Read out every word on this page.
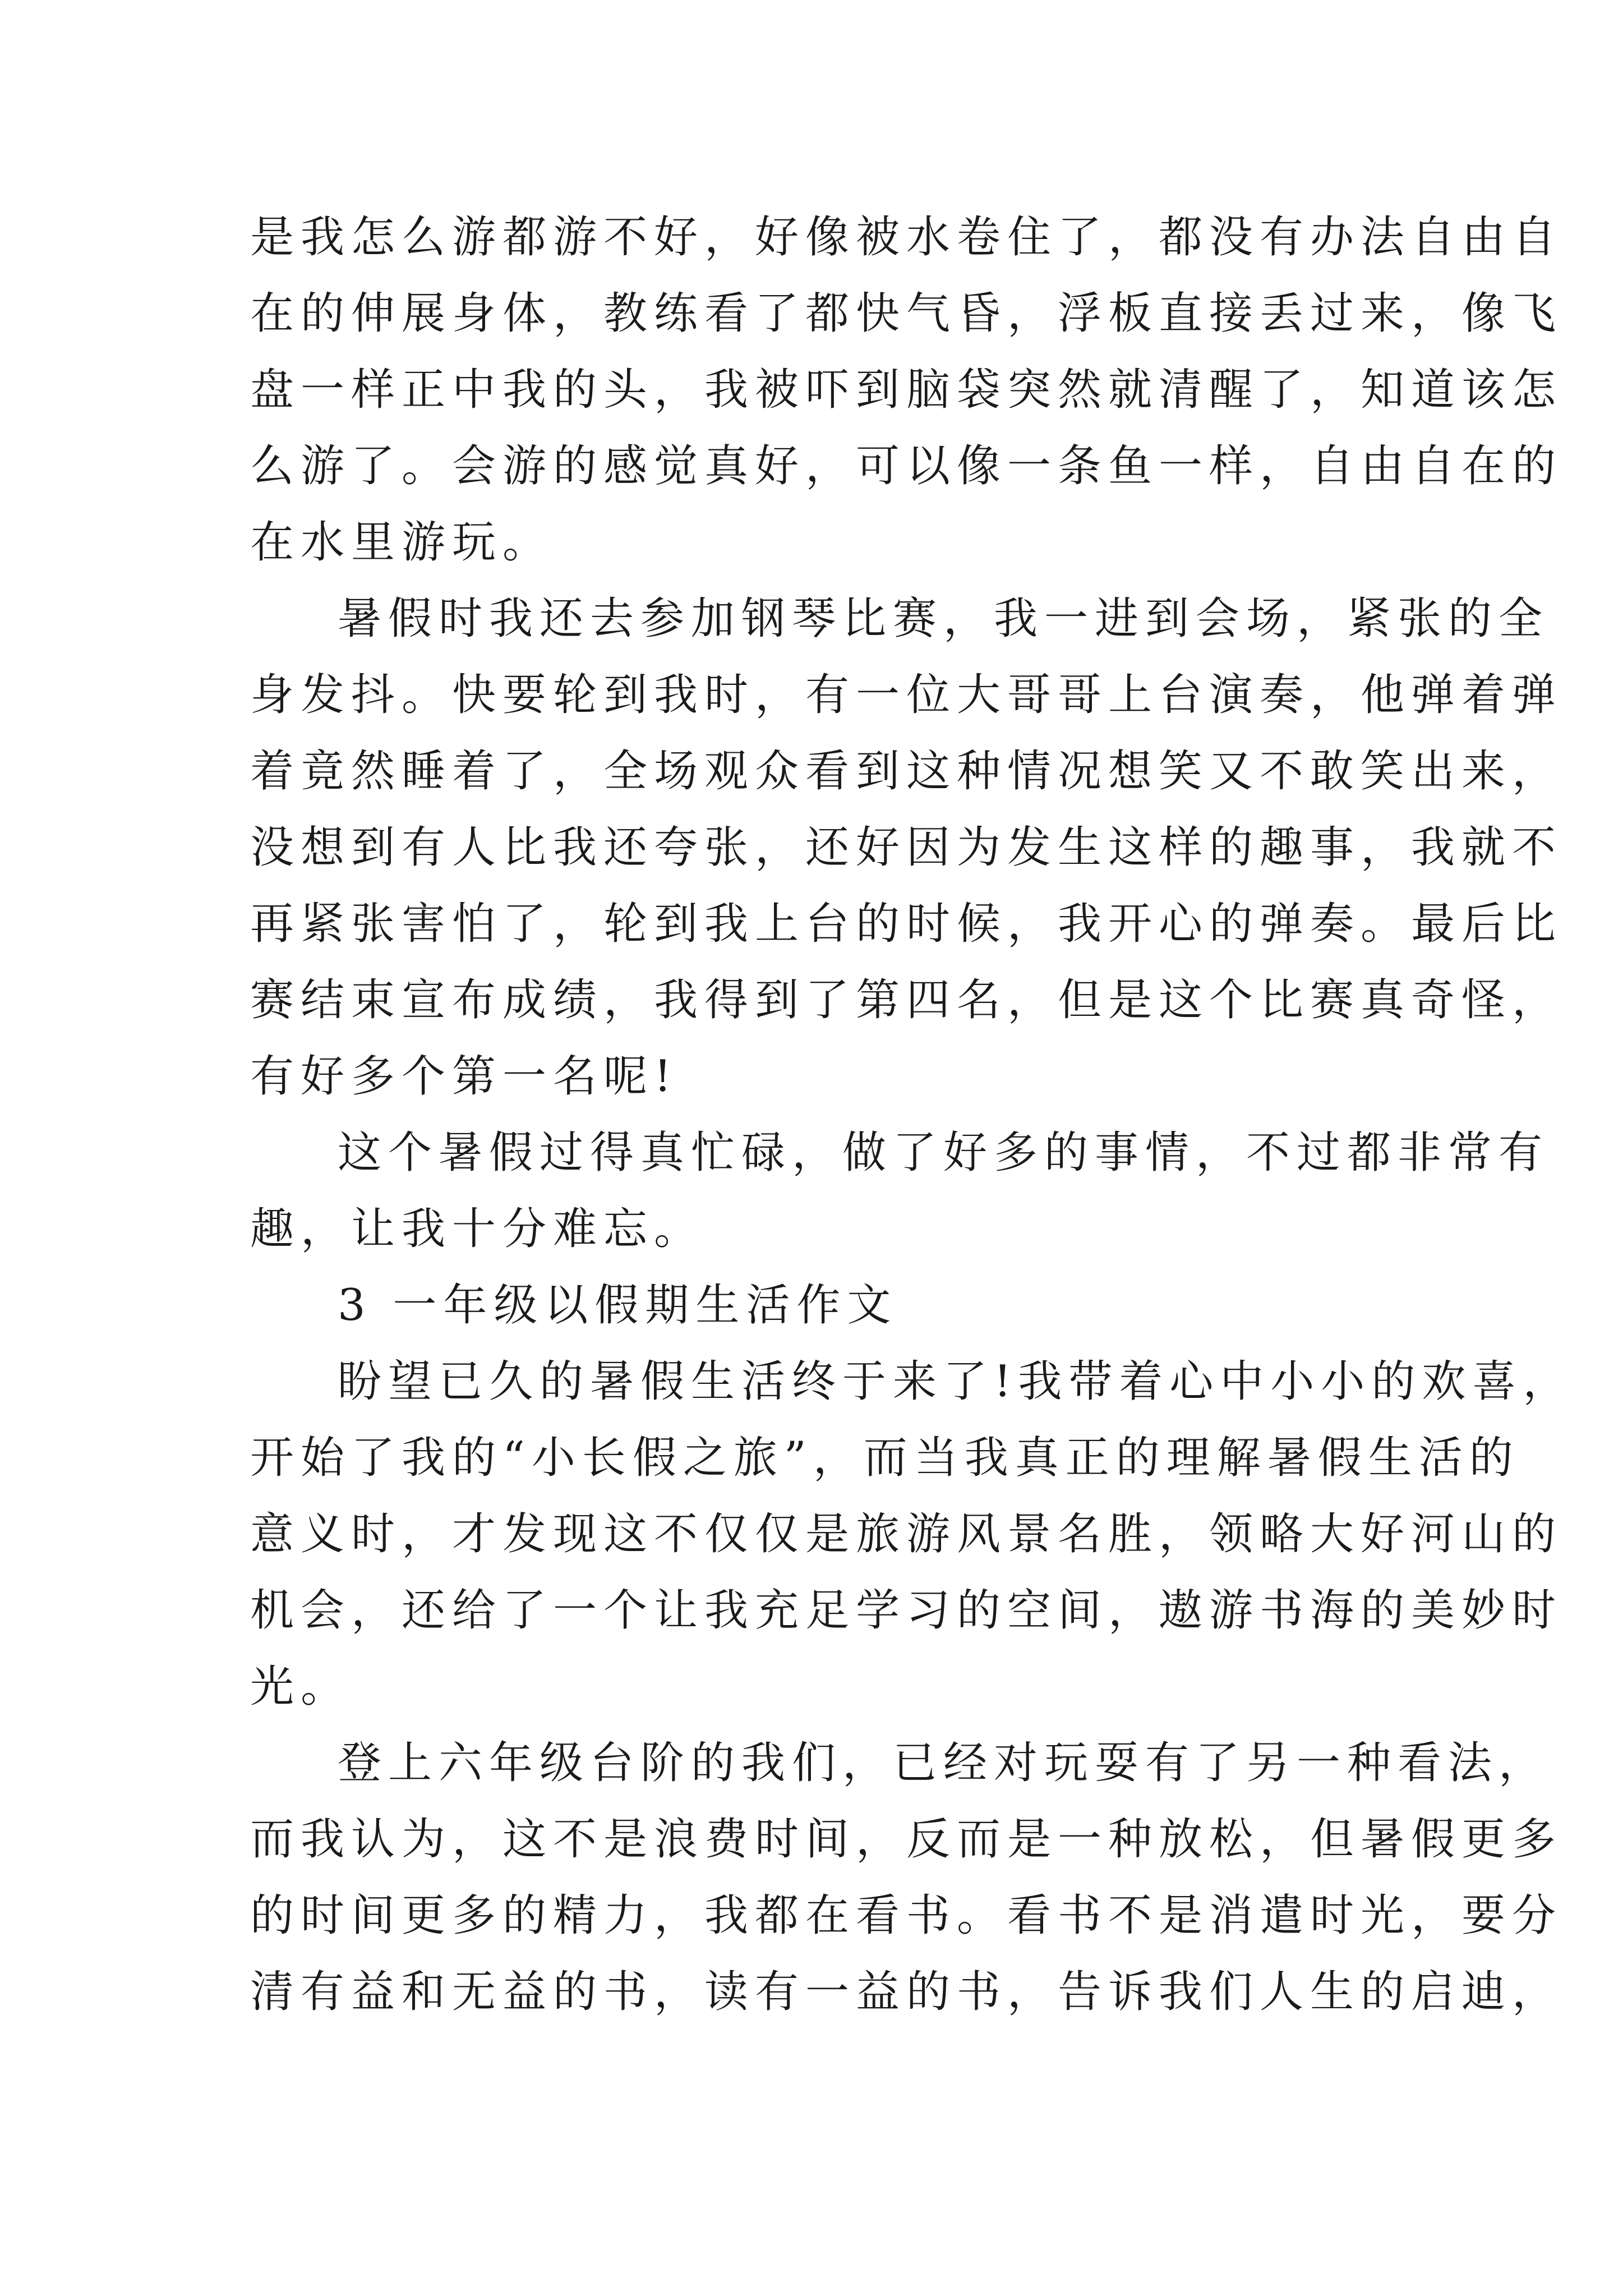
是我怎么游都游不好，好像被水卷住了，都没有办法自由自
在的伸展身体，教练看了都快气昏，浮板直接丢过来，像飞
盘一样正中我的头，我被吓到脑袋突然就清醒了，知道该怎
么游了。会游的感觉真好，可以像一条鱼一样，自由自在的
在水里游玩。
暑假时我还去参加钢琴比赛，我一进到会场，紧张的全
身发抖。快要轮到我时，有一位大哥哥上台演奏，他弹着弹
着竟然睡着了，全场观众看到这种情况想笑又不敢笑出来，
没想到有人比我还夸张，还好因为发生这样的趣事，我就不
再紧张害怕了，轮到我上台的时候，我开心的弹奏。最后比
赛结束宣布成绩，我得到了第四名，但是这个比赛真奇怪，
有好多个第一名呢!
这个暑假过得真忙碌，做了好多的事情，不过都非常有
趣，让我十分难忘。
3 一年级以假期生活作文
盼望已久的暑假生活终于来了!我带着心中小小的欢喜，
开始了我的“小长假之旅”，而当我真正的理解暑假生活的
意义时，才发现这不仅仅是旅游风景名胜，领略大好河山的
机会，还给了一个让我充足学习的空间，遨游书海的美妙时
光。
登上六年级台阶的我们，已经对玩耍有了另一种看法，
而我认为，这不是浪费时间，反而是一种放松，但暑假更多
的时间更多的精力，我都在看书。看书不是消遣时光，要分
清有益和无益的书，读有一益的书，告诉我们人生的启迪，
